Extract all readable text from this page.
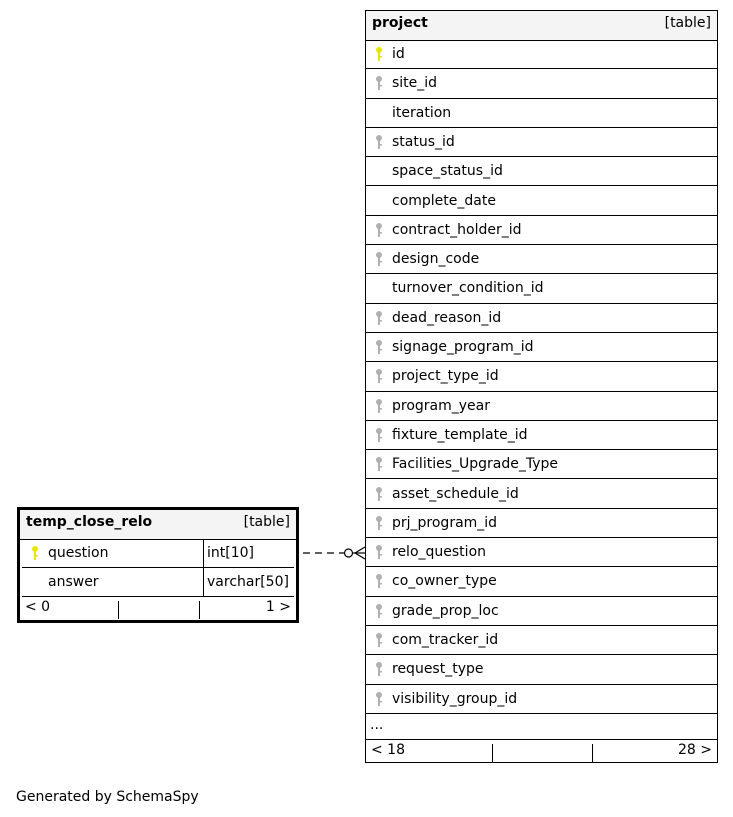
project	[table]
id
site_id
iteration
status_id
space_status_id
complete_date
contract_holder_id
design_code
turnover_condition_id
dead_reason_id
signage_program_id
project_type_id
program_year
fixture_template_id
Facilities_Upgrade_Type
asset_schedule_id
prj_program_id
relo_question
co_owner_type
grade_prop_loc
com_tracker_id
request_type
visibility_group_id
...
< 18	28 >
temp_close_relo	[table]
question	int[10]
answer	varchar[50]
< 0	1 >
Generated by SchemaSpy
